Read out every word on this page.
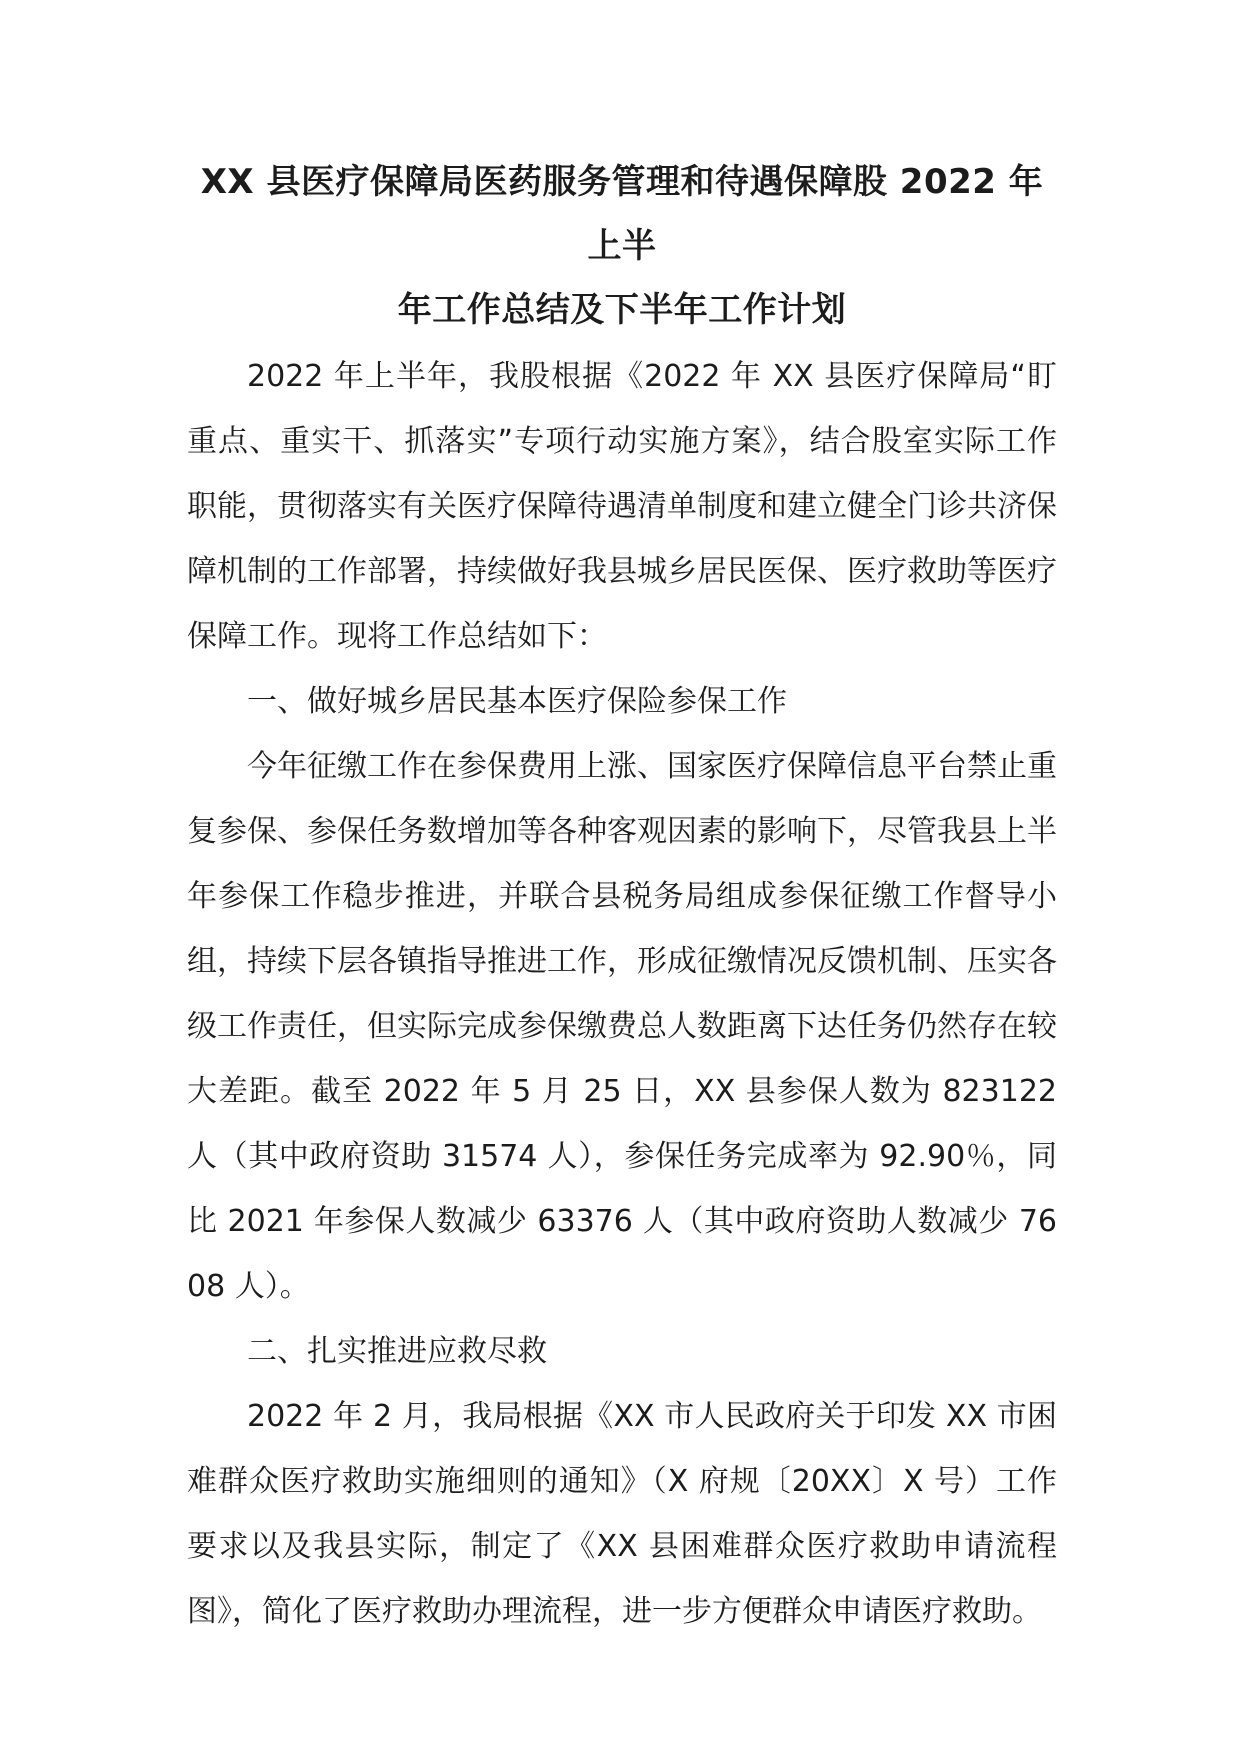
XX 县医疗保障局医药服务管理和待遇保障股 2022 年上半
年工作总结及下半年工作计划

2022 年上半年，我股根据《2022 年 XX 县医疗保障局“盯重点、重实干、抓落实”专项行动实施方案》，结合股室实际工作职能，贯彻落实有关医疗保障待遇清单制度和建立健全门诊共济保障机制的工作部署，持续做好我县城乡居民医保、医疗救助等医疗保障工作。现将工作总结如下：

一、做好城乡居民基本医疗保险参保工作

今年征缴工作在参保费用上涨、国家医疗保障信息平台禁止重复参保、参保任务数增加等各种客观因素的影响下，尽管我县上半年参保工作稳步推进，并联合县税务局组成参保征缴工作督导小组，持续下层各镇指导推进工作，形成征缴情况反馈机制、压实各级工作责任，但实际完成参保缴费总人数距离下达任务仍然存在较大差距。截至 2022 年 5 月 25 日，XX 县参保人数为 823122 人（其中政府资助 31574 人），参保任务完成率为 92.90％，同比 2021 年参保人数减少 63376 人（其中政府资助人数减少 7608 人）。

二、扎实推进应救尽救

2022 年 2 月，我局根据《XX 市人民政府关于印发 XX 市困难群众医疗救助实施细则的通知》（X 府规〔20XX〕X 号）工作要求以及我县实际，制定了《XX 县困难群众医疗救助申请流程图》，简化了医疗救助办理流程，进一步方便群众申请医疗救助。
